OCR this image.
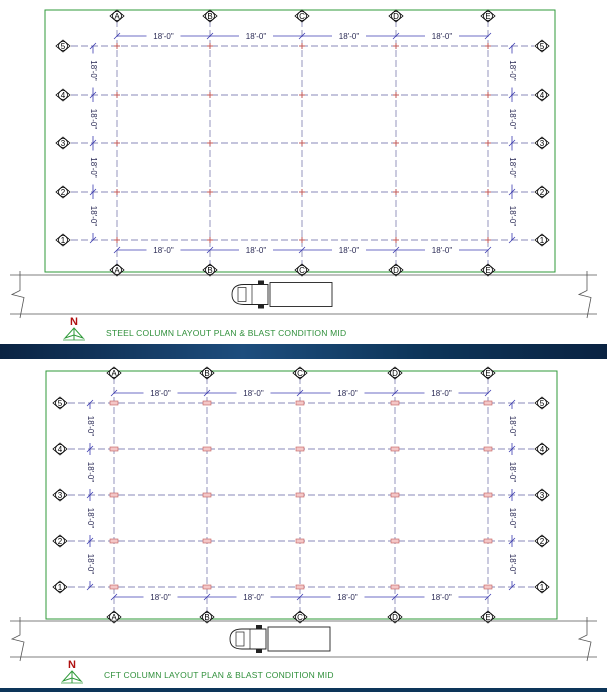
A
A
B
B
C
C
D
D
E
E
5	5
4	4
3	3
2	2
1	1
18'-0"	18'-0"	18'-0"	18'-0"
18'-0"	18'-0"	18'-0"	18'-0"
18'-0"
18'-0"
18'-0"
18'-0"
18'-0"
18'-0"
18'-0"
18'-0"
N
STEEL COLUMN LAYOUT PLAN & BLAST CONDITION MID
A
A
B
B
C
C
D
D
E
E
5	5
4	4
3	3
2	2
1	1
18'-0"	18'-0"	18'-0"	18'-0"
18'-0"	18'-0"	18'-0"	18'-0"
18'-0"
18'-0"
18'-0"
18'-0"
18'-0"
18'-0"
18'-0"
18'-0"
N
CFT COLUMN LAYOUT PLAN & BLAST CONDITION MID
